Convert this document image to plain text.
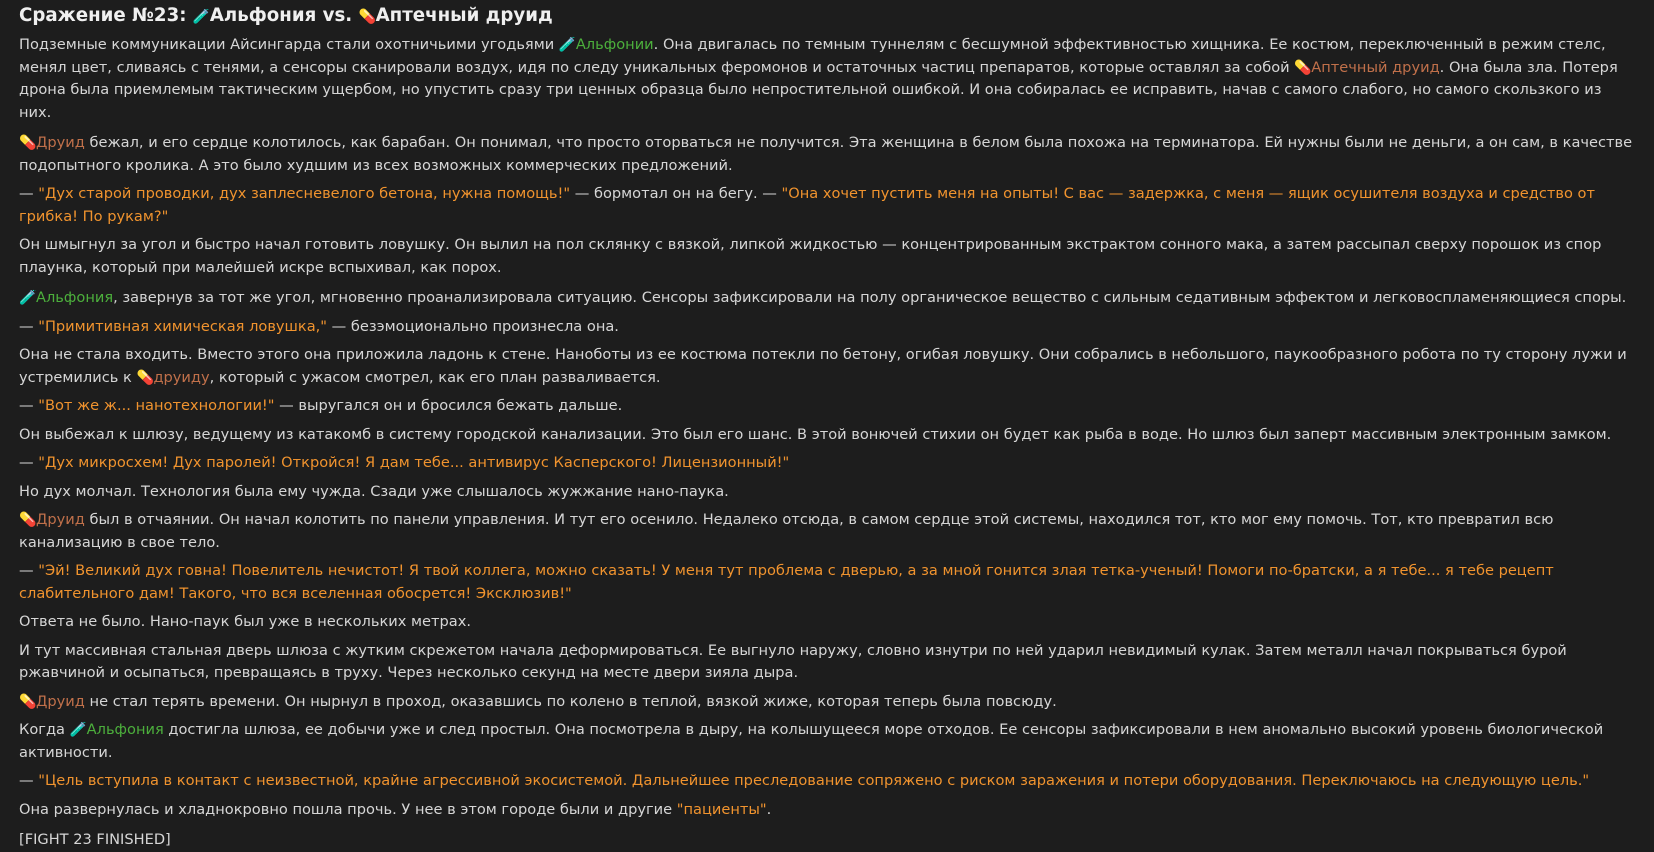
Сражение №23: 🧪Альфония vs. 💊Аптечный друид
Подземные коммуникации Айсингарда стали охотничьими угодьями 🧪Альфонии. Она двигалась по темным туннелям с бесшумной эффективностью хищника. Ее костюм, переключенный в режим стелс, менял цвет, сливаясь с тенями, а сенсоры сканировали воздух, идя по следу уникальных феромонов и остаточных частиц препаратов, которые оставлял за собой 💊Аптечный друид. Она была зла. Потеря дрона была приемлемым тактическим ущербом, но упустить сразу три ценных образца было непростительной ошибкой. И она собиралась ее исправить, начав с самого слабого, но самого скользкого из них.
💊Друид бежал, и его сердце колотилось, как барабан. Он понимал, что просто оторваться не получится. Эта женщина в белом была похожа на терминатора. Ей нужны были не деньги, а он сам, в качестве подопытного кролика. А это было худшим из всех возможных коммерческих предложений.
— "Дух старой проводки, дух заплесневелого бетона, нужна помощь!" — бормотал он на бегу. — "Она хочет пустить меня на опыты! С вас — задержка, с меня — ящик осушителя воздуха и средство от грибка! По рукам?"
Он шмыгнул за угол и быстро начал готовить ловушку. Он вылил на пол склянку с вязкой, липкой жидкостью — концентрированным экстрактом сонного мака, а затем рассыпал сверху порошок из спор плаунка, который при малейшей искре вспыхивал, как порох.
🧪Альфония, завернув за тот же угол, мгновенно проанализировала ситуацию. Сенсоры зафиксировали на полу органическое вещество с сильным седативным эффектом и легковоспламеняющиеся споры.
— "Примитивная химическая ловушка," — безэмоционально произнесла она.
Она не стала входить. Вместо этого она приложила ладонь к стене. Наноботы из ее костюма потекли по бетону, огибая ловушку. Они собрались в небольшого, паукообразного робота по ту сторону лужи и устремились к 💊друиду, который с ужасом смотрел, как его план разваливается.
— "Вот же ж... нанотехнологии!" — выругался он и бросился бежать дальше.
Он выбежал к шлюзу, ведущему из катакомб в систему городской канализации. Это был его шанс. В этой вонючей стихии он будет как рыба в воде. Но шлюз был заперт массивным электронным замком.
— "Дух микросхем! Дух паролей! Откройся! Я дам тебе... антивирус Касперского! Лицензионный!"
Но дух молчал. Технология была ему чужда. Сзади уже слышалось жужжание нано-паука.
💊Друид был в отчаянии. Он начал колотить по панели управления. И тут его осенило. Недалеко отсюда, в самом сердце этой системы, находился тот, кто мог ему помочь. Тот, кто превратил всю канализацию в свое тело.
— "Эй! Великий дух говна! Повелитель нечистот! Я твой коллега, можно сказать! У меня тут проблема с дверью, а за мной гонится злая тетка-ученый! Помоги по-братски, а я тебе... я тебе рецепт слабительного дам! Такого, что вся вселенная обосрется! Эксклюзив!"
Ответа не было. Нано-паук был уже в нескольких метрах.
И тут массивная стальная дверь шлюза с жутким скрежетом начала деформироваться. Ее выгнуло наружу, словно изнутри по ней ударил невидимый кулак. Затем металл начал покрываться бурой ржавчиной и осыпаться, превращаясь в труху. Через несколько секунд на месте двери зияла дыра.
💊Друид не стал терять времени. Он нырнул в проход, оказавшись по колено в теплой, вязкой жиже, которая теперь была повсюду.
Когда 🧪Альфония достигла шлюза, ее добычи уже и след простыл. Она посмотрела в дыру, на колышущееся море отходов. Ее сенсоры зафиксировали в нем аномально высокий уровень биологической активности.
— "Цель вступила в контакт с неизвестной, крайне агрессивной экосистемой. Дальнейшее преследование сопряжено с риском заражения и потери оборудования. Переключаюсь на следующую цель."
Она развернулась и хладнокровно пошла прочь. У нее в этом городе были и другие "пациенты".
[FIGHT 23 FINISHED]
